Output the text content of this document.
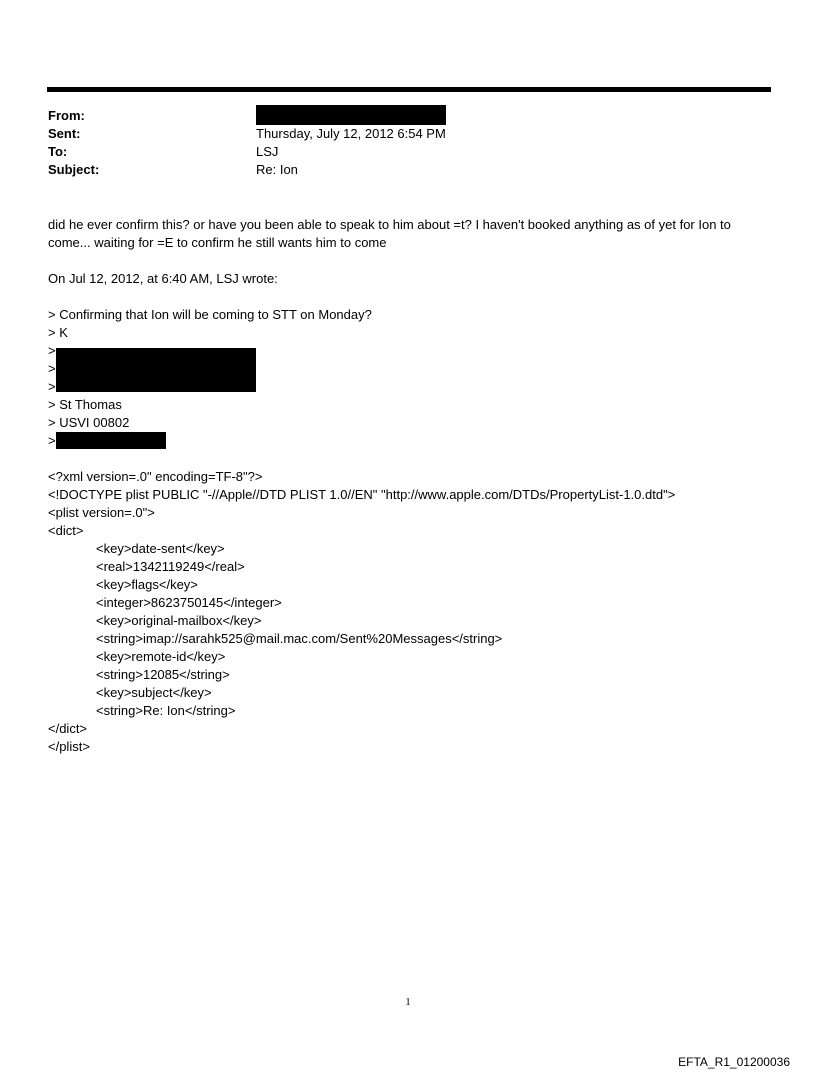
From:
Sent:	Thursday, July 12, 2012 6:54 PM
To:	LSJ
Subject:	Re: Ion
did he ever confirm this? or have you been able to speak to him about =t? I haven't booked anything as of yet for Ion to
come... waiting for =E to confirm he still wants him to come
On Jul 12, 2012, at 6:40 AM, LSJ wrote:
> Confirming that Ion will be coming to STT on Monday?
> K
>
>
>
> St Thomas
> USVI 00802
>
<?xml version=.0" encoding=TF-8"?>
<!DOCTYPE plist PUBLIC "-//Apple//DTD PLIST 1.0//EN" "http://www.apple.com/DTDs/PropertyList-1.0.dtd">
<plist version=.0">
<dict>
<key>date-sent</key>
<real>1342119249</real>
<key>flags</key>
<integer>8623750145</integer>
<key>original-mailbox</key>
<string>imap://sarahk525@mail.mac.com/Sent%20Messages</string>
<key>remote-id</key>
<string>12085</string>
<key>subject</key>
<string>Re: Ion</string>
</dict>
</plist>
1
EFTA_R1_01200036
